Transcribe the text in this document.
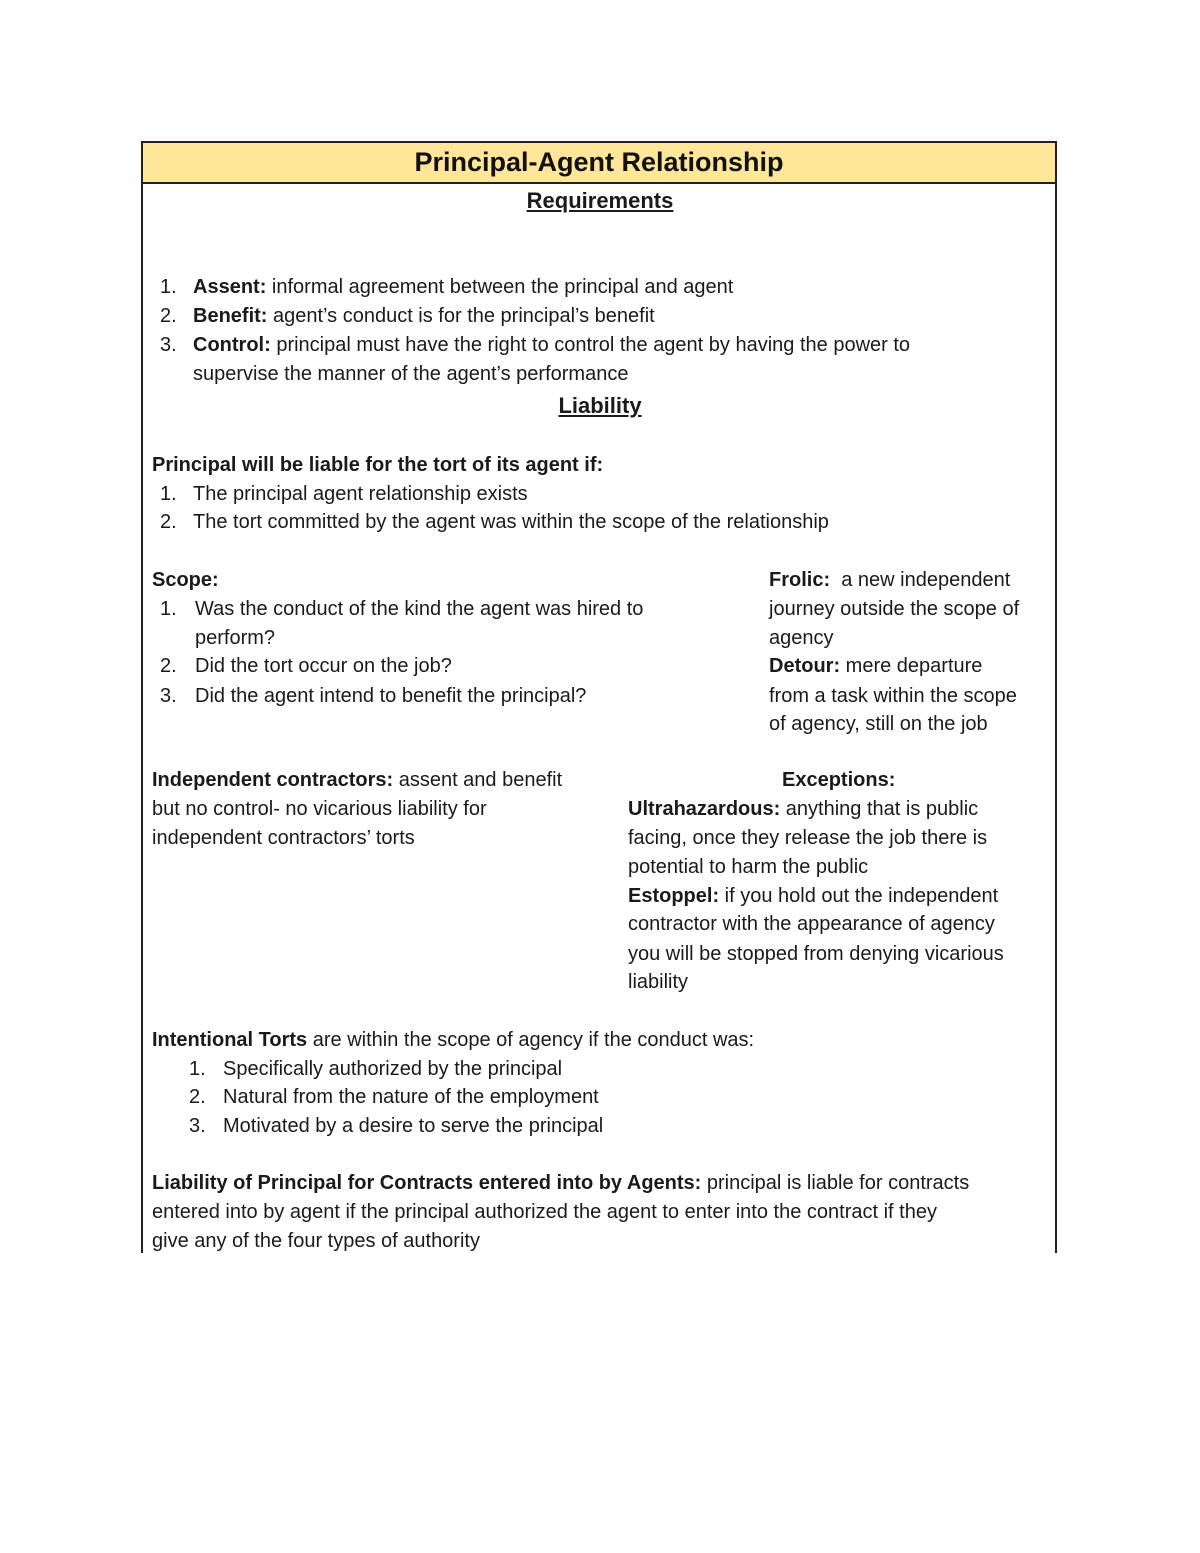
Principal-Agent Relationship
Requirements
1. Assent: informal agreement between the principal and agent
2. Benefit: agent’s conduct is for the principal’s benefit
3. Control: principal must have the right to control the agent by having the power to
supervise the manner of the agent’s performance
Liability
Principal will be liable for the tort of its agent if:
1. The principal agent relationship exists
2. The tort committed by the agent was within the scope of the relationship
Scope:
1. Was the conduct of the kind the agent was hired to
perform?
2. Did the tort occur on the job?
3. Did the agent intend to benefit the principal?
Frolic:  a new independent
journey outside the scope of
agency
Detour: mere departure
from a task within the scope
of agency, still on the job
Independent contractors: assent and benefit
but no control- no vicarious liability for
independent contractors’ torts
Exceptions:
Ultrahazardous: anything that is public
facing, once they release the job there is
potential to harm the public
Estoppel: if you hold out the independent
contractor with the appearance of agency
you will be stopped from denying vicarious
liability
Intentional Torts are within the scope of agency if the conduct was:
1. Specifically authorized by the principal
2. Natural from the nature of the employment
3. Motivated by a desire to serve the principal
Liability of Principal for Contracts entered into by Agents: principal is liable for contracts
entered into by agent if the principal authorized the agent to enter into the contract if they
give any of the four types of authority
